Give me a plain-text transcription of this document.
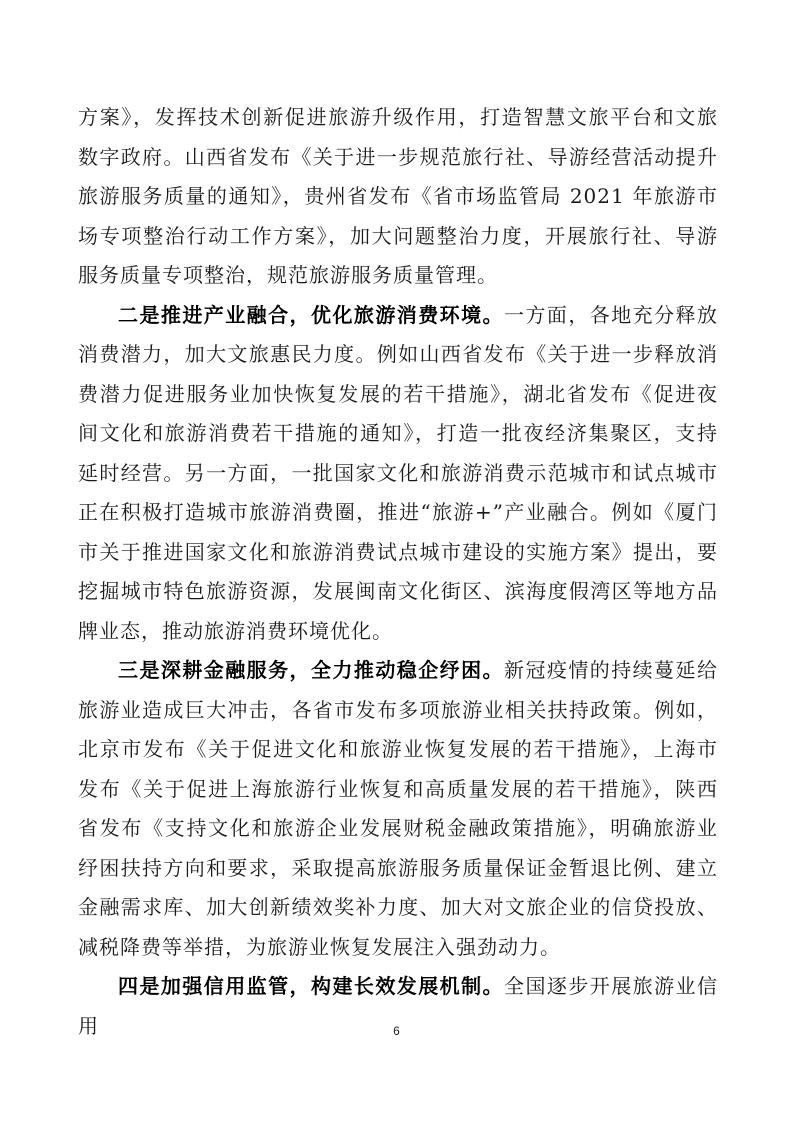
方案》，发挥技术创新促进旅游升级作用，打造智慧文旅平台和文旅数字政府。山西省发布《关于进一步规范旅行社、导游经营活动提升旅游服务质量的通知》，贵州省发布《省市场监管局 2021 年旅游市场专项整治行动工作方案》，加大问题整治力度，开展旅行社、导游服务质量专项整治，规范旅游服务质量管理。

二是推进产业融合，优化旅游消费环境。一方面，各地充分释放消费潜力，加大文旅惠民力度。例如山西省发布《关于进一步释放消费潜力促进服务业加快恢复发展的若干措施》，湖北省发布《促进夜间文化和旅游消费若干措施的通知》，打造一批夜经济集聚区，支持延时经营。另一方面，一批国家文化和旅游消费示范城市和试点城市正在积极打造城市旅游消费圈，推进“旅游+”产业融合。例如《厦门市关于推进国家文化和旅游消费试点城市建设的实施方案》提出，要挖掘城市特色旅游资源，发展闽南文化街区、滨海度假湾区等地方品牌业态，推动旅游消费环境优化。

三是深耕金融服务，全力推动稳企纾困。新冠疫情的持续蔓延给旅游业造成巨大冲击，各省市发布多项旅游业相关扶持政策。例如，北京市发布《关于促进文化和旅游业恢复发展的若干措施》，上海市发布《关于促进上海旅游行业恢复和高质量发展的若干措施》，陕西省发布《支持文化和旅游企业发展财税金融政策措施》，明确旅游业纾困扶持方向和要求，采取提高旅游服务质量保证金暂退比例、建立金融需求库、加大创新绩效奖补力度、加大对文旅企业的信贷投放、减税降费等举措，为旅游业恢复发展注入强劲动力。

四是加强信用监管，构建长效发展机制。全国逐步开展旅游业信用	6
